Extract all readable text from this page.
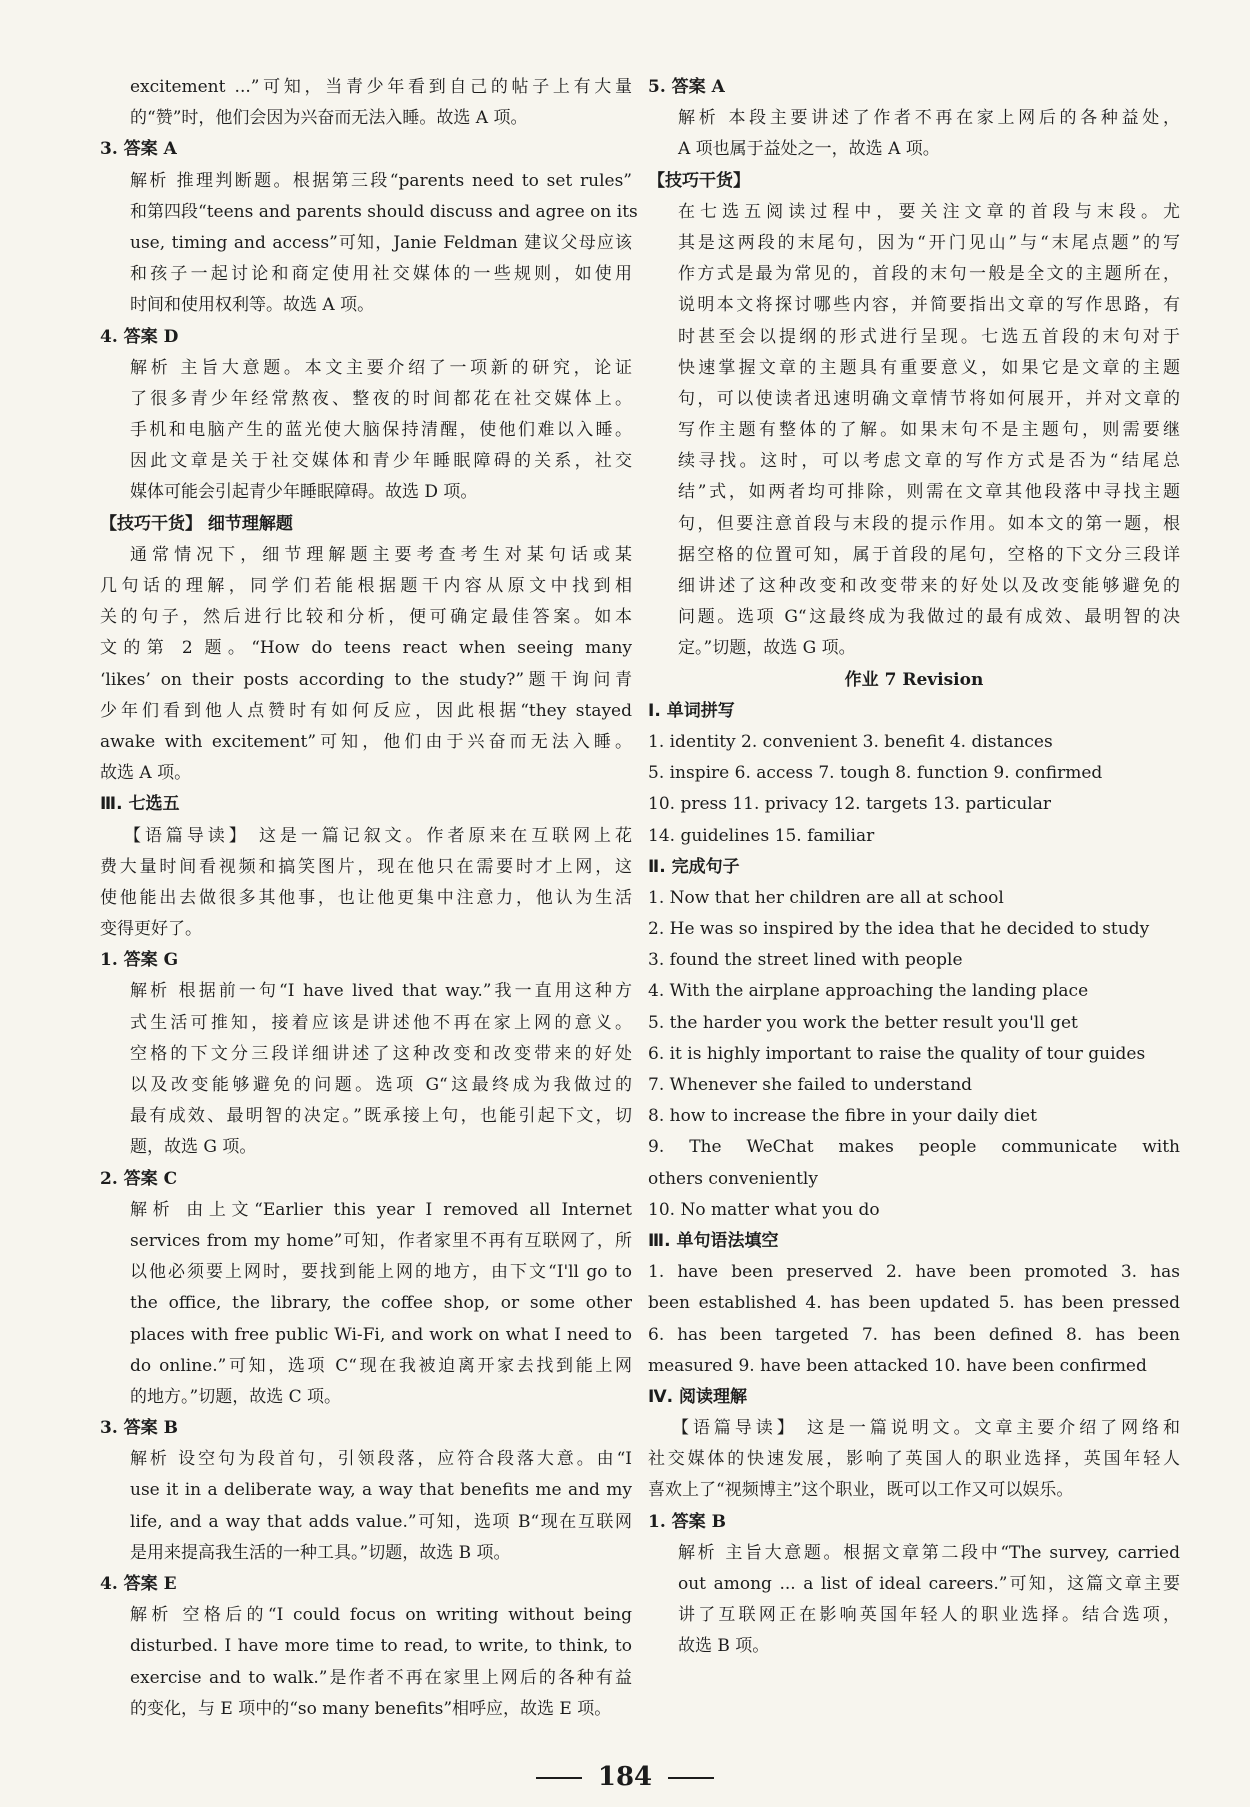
excitement ...”可知，当青少年看到自己的帖子上有大量
的“赞”时，他们会因为兴奋而无法入睡。故选 A 项。
3. 答案 A
解析 推理判断题。根据第三段“parents need to set rules”
和第四段“teens and parents should discuss and agree on its
use, timing and access”可知，Janie Feldman 建议父母应该
和孩子一起讨论和商定使用社交媒体的一些规则，如使用
时间和使用权利等。故选 A 项。
4. 答案 D
解析 主旨大意题。本文主要介绍了一项新的研究，论证
了很多青少年经常熬夜、整夜的时间都花在社交媒体上。
手机和电脑产生的蓝光使大脑保持清醒，使他们难以入睡。
因此文章是关于社交媒体和青少年睡眠障碍的关系，社交
媒体可能会引起青少年睡眠障碍。故选 D 项。
【技巧干货】 细节理解题
通常情况下，细节理解题主要考查考生对某句话或某
几句话的理解，同学们若能根据题干内容从原文中找到相
关的句子，然后进行比较和分析，便可确定最佳答案。如本
文的第 2 题。“How do teens react when seeing many
‘likes’ on their posts according to the study?”题干询问青
少年们看到他人点赞时有如何反应，因此根据“they stayed
awake with excitement”可知，他们由于兴奋而无法入睡。
故选 A 项。
Ⅲ. 七选五
【语篇导读】 这是一篇记叙文。作者原来在互联网上花
费大量时间看视频和搞笑图片，现在他只在需要时才上网，这
使他能出去做很多其他事，也让他更集中注意力，他认为生活
变得更好了。
1. 答案 G
解析 根据前一句“I have lived that way.”我一直用这种方
式生活可推知，接着应该是讲述他不再在家上网的意义。
空格的下文分三段详细讲述了这种改变和改变带来的好处
以及改变能够避免的问题。选项 G“这最终成为我做过的
最有成效、最明智的决定。”既承接上句，也能引起下文，切
题，故选 G 项。
2. 答案 C
解析 由上文“Earlier this year I removed all Internet
services from my home”可知，作者家里不再有互联网了，所
以他必须要上网时，要找到能上网的地方，由下文“I'll go to
the office, the library, the coffee shop, or some other
places with free public Wi-Fi, and work on what I need to
do online.”可知，选项 C“现在我被迫离开家去找到能上网
的地方。”切题，故选 C 项。
3. 答案 B
解析 设空句为段首句，引领段落，应符合段落大意。由“I
use it in a deliberate way, a way that benefits me and my
life, and a way that adds value.”可知，选项 B“现在互联网
是用来提高我生活的一种工具。”切题，故选 B 项。
4. 答案 E
解析 空格后的“I could focus on writing without being
disturbed. I have more time to read, to write, to think, to
exercise and to walk.”是作者不再在家里上网后的各种有益
的变化，与 E 项中的“so many benefits”相呼应，故选 E 项。
5. 答案 A
解析 本段主要讲述了作者不再在家上网后的各种益处，
A 项也属于益处之一，故选 A 项。
【技巧干货】
在七选五阅读过程中，要关注文章的首段与末段。尤
其是这两段的末尾句，因为“开门见山”与“末尾点题”的写
作方式是最为常见的，首段的末句一般是全文的主题所在，
说明本文将探讨哪些内容，并简要指出文章的写作思路，有
时甚至会以提纲的形式进行呈现。七选五首段的末句对于
快速掌握文章的主题具有重要意义，如果它是文章的主题
句，可以使读者迅速明确文章情节将如何展开，并对文章的
写作主题有整体的了解。如果末句不是主题句，则需要继
续寻找。这时，可以考虑文章的写作方式是否为“结尾总
结”式，如两者均可排除，则需在文章其他段落中寻找主题
句，但要注意首段与末段的提示作用。如本文的第一题，根
据空格的位置可知，属于首段的尾句，空格的下文分三段详
细讲述了这种改变和改变带来的好处以及改变能够避免的
问题。选项 G“这最终成为我做过的最有成效、最明智的决
定。”切题，故选 G 项。
作业 7 Revision
Ⅰ. 单词拼写
1. identity 2. convenient 3. benefit 4. distances
5. inspire 6. access 7. tough 8. function 9. confirmed
10. press 11. privacy 12. targets 13. particular
14. guidelines 15. familiar
Ⅱ. 完成句子
1. Now that her children are all at school
2. He was so inspired by the idea that he decided to study
3. found the street lined with people
4. With the airplane approaching the landing place
5. the harder you work the better result you'll get
6. it is highly important to raise the quality of tour guides
7. Whenever she failed to understand
8. how to increase the fibre in your daily diet
9. The WeChat makes people communicate with
others conveniently
10. No matter what you do
Ⅲ. 单句语法填空
1. have been preserved 2. have been promoted 3. has
been established 4. has been updated 5. has been pressed
6. has been targeted 7. has been defined 8. has been
measured 9. have been attacked 10. have been confirmed
Ⅳ. 阅读理解
【语篇导读】 这是一篇说明文。文章主要介绍了网络和
社交媒体的快速发展，影响了英国人的职业选择，英国年轻人
喜欢上了“视频博主”这个职业，既可以工作又可以娱乐。
1. 答案 B
解析 主旨大意题。根据文章第二段中“The survey, carried
out among ... a list of ideal careers.”可知，这篇文章主要
讲了互联网正在影响英国年轻人的职业选择。结合选项，
故选 B 项。
184
